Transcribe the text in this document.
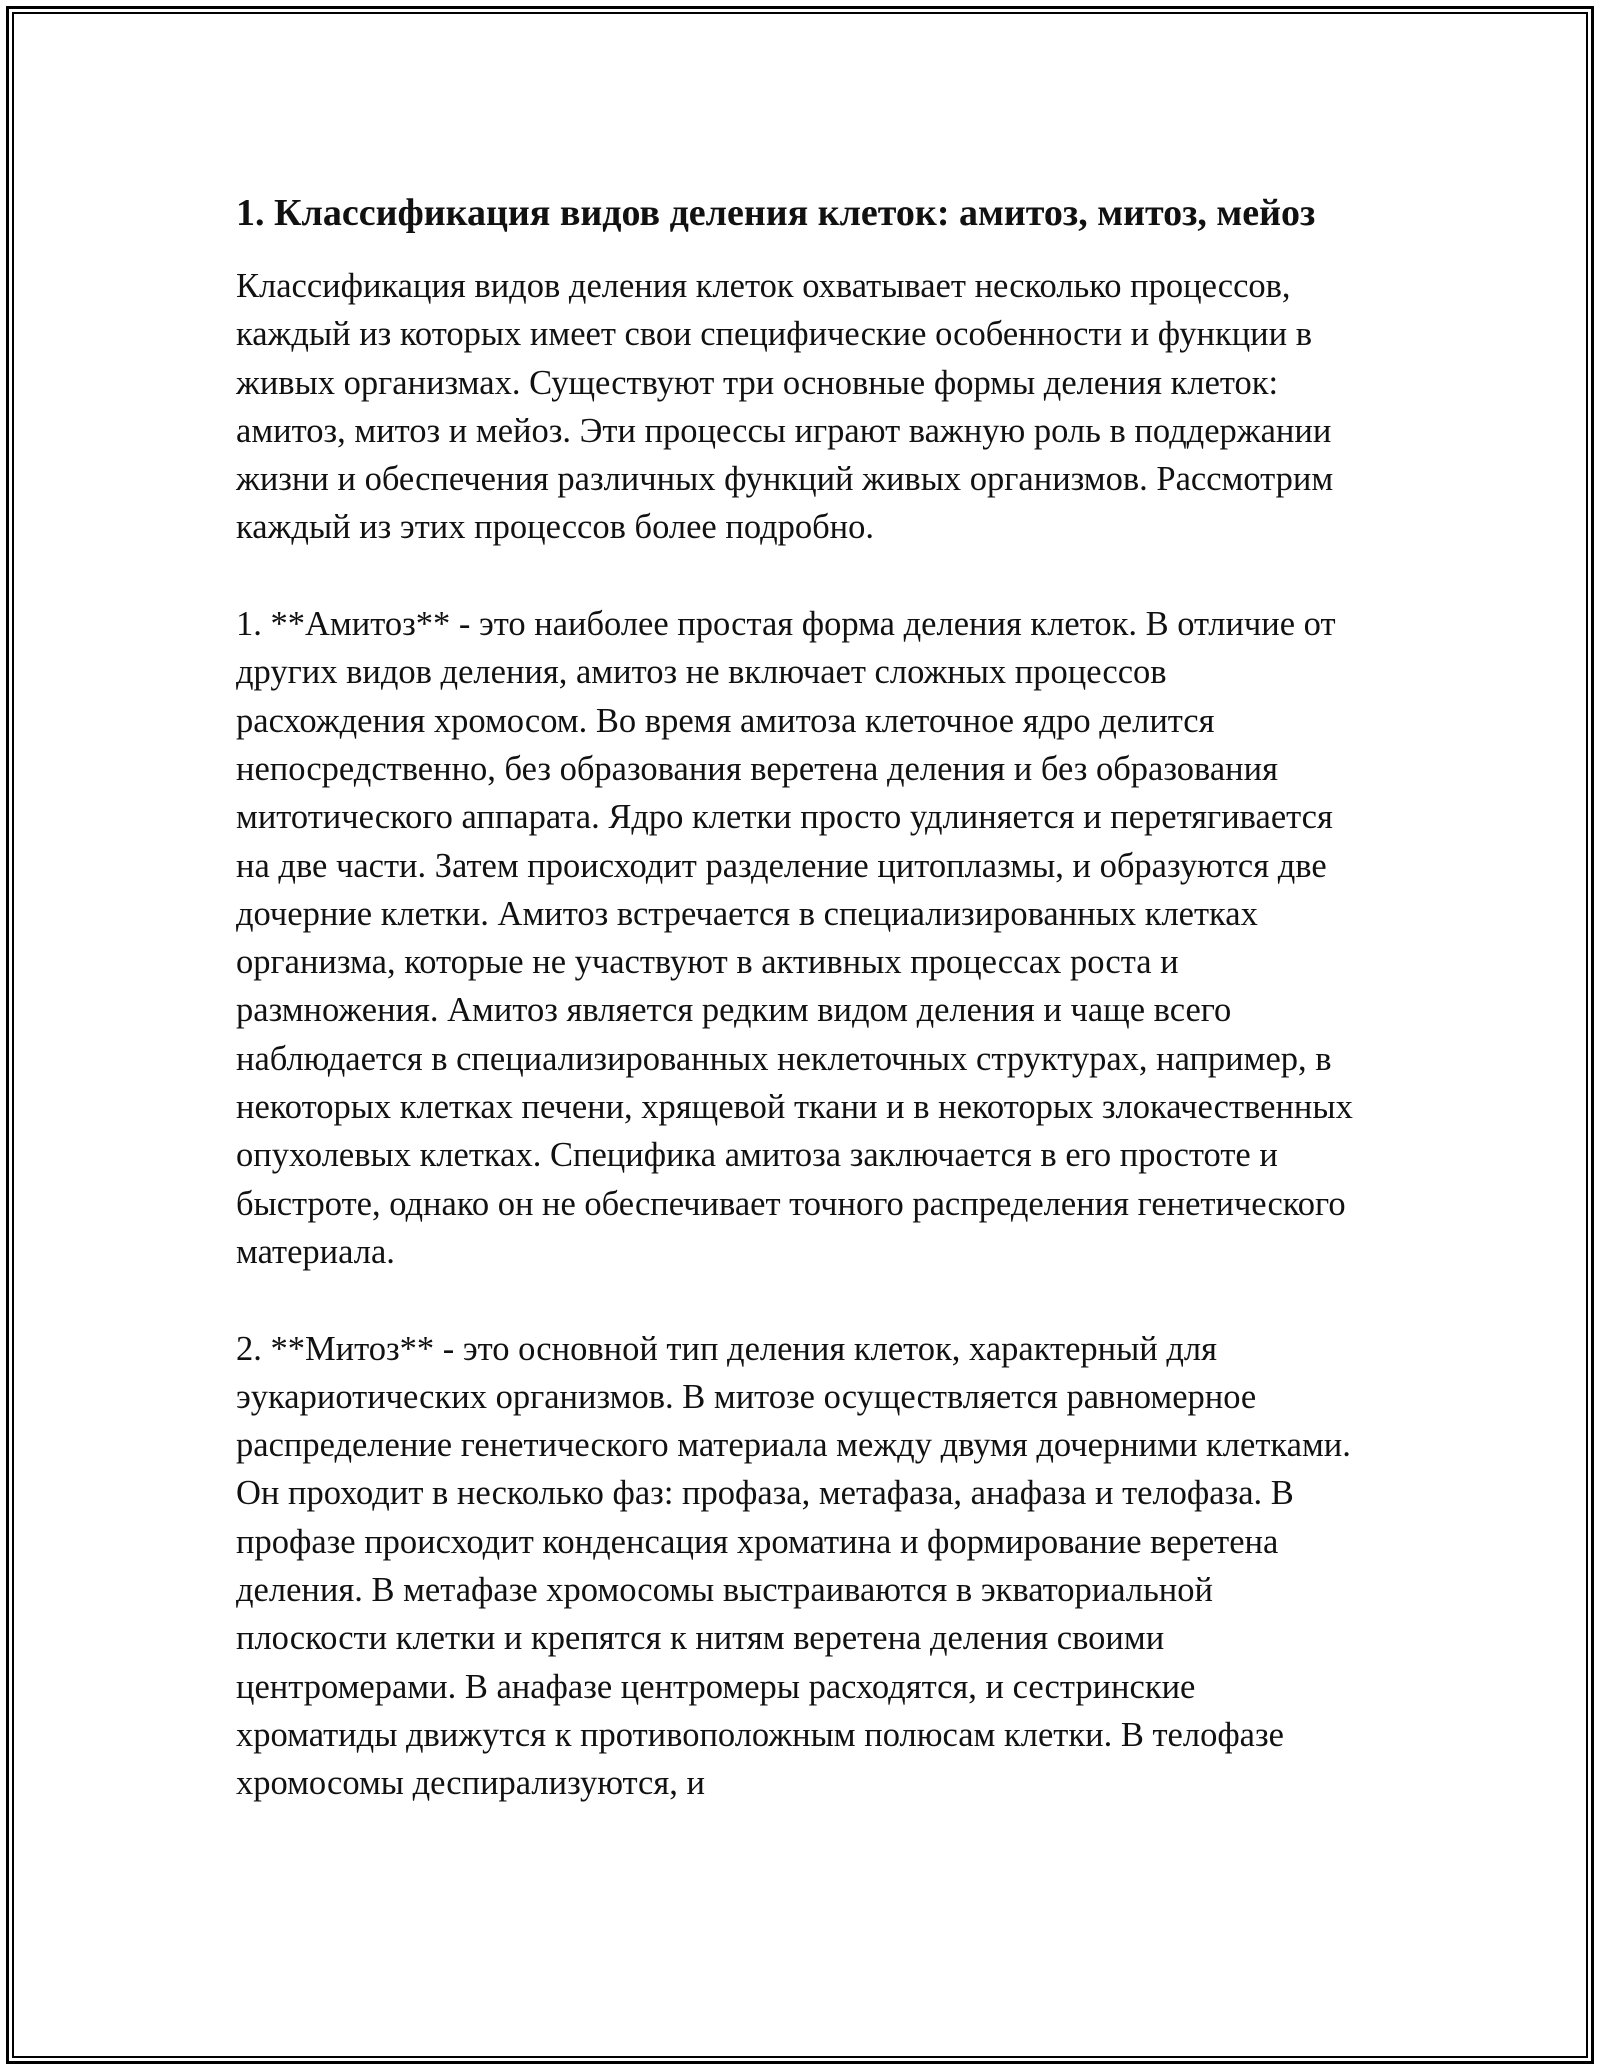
1. Классификация видов деления клеток: амитоз, митоз, мейоз

Классификация видов деления клеток охватывает несколько процессов, каждый из которых имеет свои специфические особенности и функции в живых организмах. Существуют три основные формы деления клеток: амитоз, митоз и мейоз. Эти процессы играют важную роль в поддержании жизни и обеспечения различных функций живых организмов. Рассмотрим каждый из этих процессов более подробно.

1. **Амитоз** - это наиболее простая форма деления клеток. В отличие от других видов деления, амитоз не включает сложных процессов расхождения хромосом. Во время амитоза клеточное ядро делится непосредственно, без образования веретена деления и без образования митотического аппарата. Ядро клетки просто удлиняется и перетягивается на две части. Затем происходит разделение цитоплазмы, и образуются две дочерние клетки. Амитоз встречается в специализированных клетках организма, которые не участвуют в активных процессах роста и размножения. Амитоз является редким видом деления и чаще всего наблюдается в специализированных неклеточных структурах, например, в некоторых клетках печени, хрящевой ткани и в некоторых злокачественных опухолевых клетках. Специфика амитоза заключается в его простоте и быстроте, однако он не обеспечивает точного распределения генетического материала.

2. **Митоз** - это основной тип деления клеток, характерный для эукариотических организмов. В митозе осуществляется равномерное распределение генетического материала между двумя дочерними клетками. Он проходит в несколько фаз: профаза, метафаза, анафаза и телофаза. В профазе происходит конденсация хроматина и формирование веретена деления. В метафазе хромосомы выстраиваются в экваториальной плоскости клетки и крепятся к нитям веретена деления своими центромерами. В анафазе центромеры расходятся, и сестринские хроматиды движутся к противоположным полюсам клетки. В телофазе хромосомы деспирализуются, и
